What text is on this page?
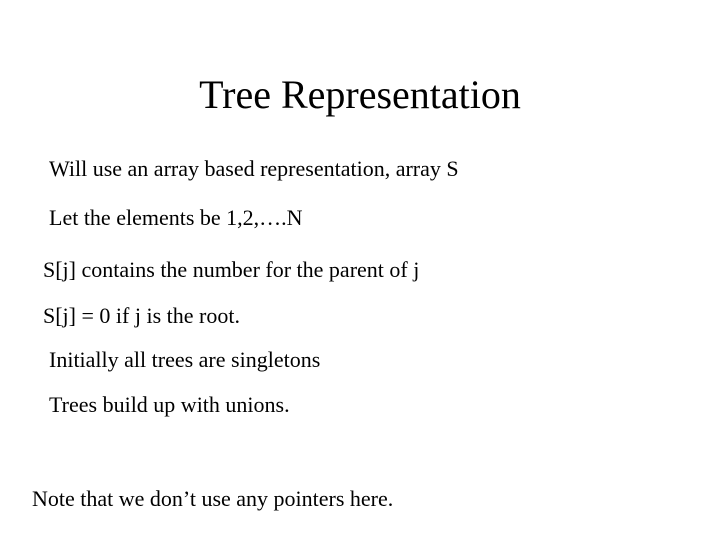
Tree Representation
Will use an array based representation, array S
Let the elements be 1,2,….N
S[j] contains the number for the parent of j
S[j] = 0 if j is the root.
Initially all trees are singletons
Trees build up with unions.
Note that we don’t use any pointers here.
